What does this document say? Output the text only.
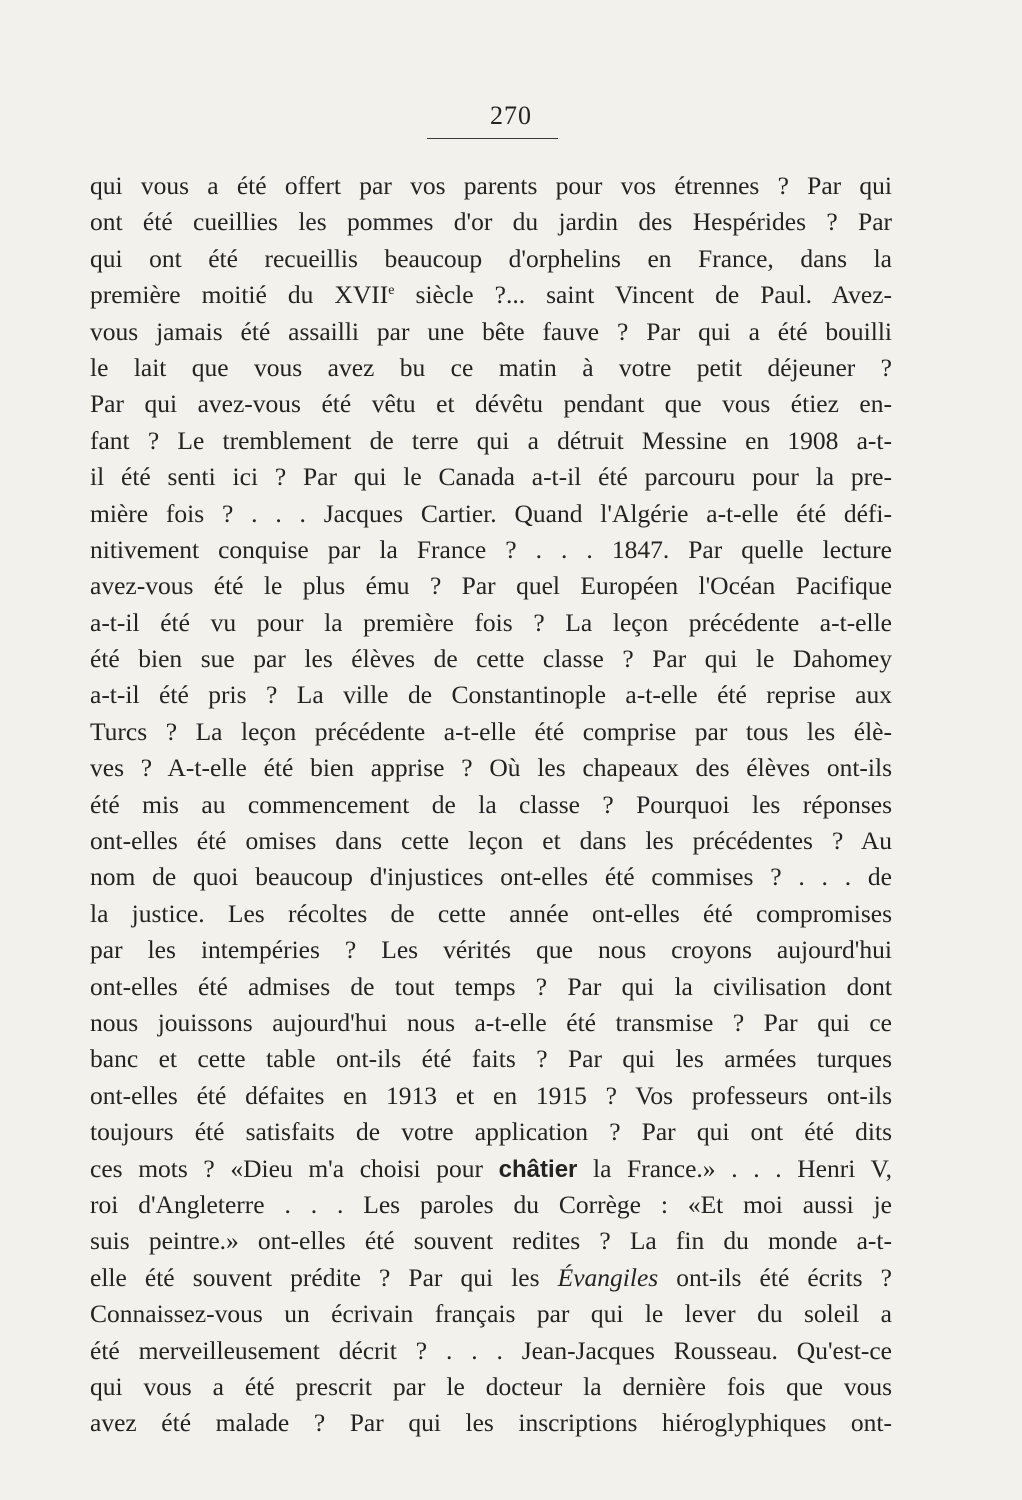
270
qui vous a été offert par vos parents pour vos étrennes ? Par qui
ont été cueillies les pommes d'or du jardin des Hespérides ? Par
qui ont été recueillis beaucoup d'orphelins en France, dans la
première moitié du XVIIe siècle ?... saint Vincent de Paul. Avez-
vous jamais été assailli par une bête fauve ? Par qui a été bouilli
le lait que vous avez bu ce matin à votre petit déjeuner ?
Par qui avez-vous été vêtu et dévêtu pendant que vous étiez en-
fant ? Le tremblement de terre qui a détruit Messine en 1908 a-t-
il été senti ici ? Par qui le Canada a-t-il été parcouru pour la pre-
mière fois ? . . . Jacques Cartier. Quand l'Algérie a-t-elle été défi-
nitivement conquise par la France ? . . . 1847. Par quelle lecture
avez-vous été le plus ému ? Par quel Européen l'Océan Pacifique
a-t-il été vu pour la première fois ? La leçon précédente a-t-elle
été bien sue par les élèves de cette classe ? Par qui le Dahomey
a-t-il été pris ? La ville de Constantinople a-t-elle été reprise aux
Turcs ? La leçon précédente a-t-elle été comprise par tous les élè-
ves ? A-t-elle été bien apprise ? Où les chapeaux des élèves ont-ils
été mis au commencement de la classe ? Pourquoi les réponses
ont-elles été omises dans cette leçon et dans les précédentes ? Au
nom de quoi beaucoup d'injustices ont-elles été commises ? . . . de
la justice. Les récoltes de cette année ont-elles été compromises
par les intempéries ? Les vérités que nous croyons aujourd'hui
ont-elles été admises de tout temps ? Par qui la civilisation dont
nous jouissons aujourd'hui nous a-t-elle été transmise ? Par qui ce
banc et cette table ont-ils été faits ? Par qui les armées turques
ont-elles été défaites en 1913 et en 1915 ? Vos professeurs ont-ils
toujours été satisfaits de votre application ? Par qui ont été dits
ces mots ? «Dieu m'a choisi pour châtier la France.» . . . Henri V,
roi d'Angleterre . . . Les paroles du Corrège : «Et moi aussi je
suis peintre.» ont-elles été souvent redites ? La fin du monde a-t-
elle été souvent prédite ? Par qui les Évangiles ont-ils été écrits ?
Connaissez-vous un écrivain français par qui le lever du soleil a
été merveilleusement décrit ? . . . Jean-Jacques Rousseau. Qu'est-ce
qui vous a été prescrit par le docteur la dernière fois que vous
avez été malade ? Par qui les inscriptions hiéroglyphiques ont-
